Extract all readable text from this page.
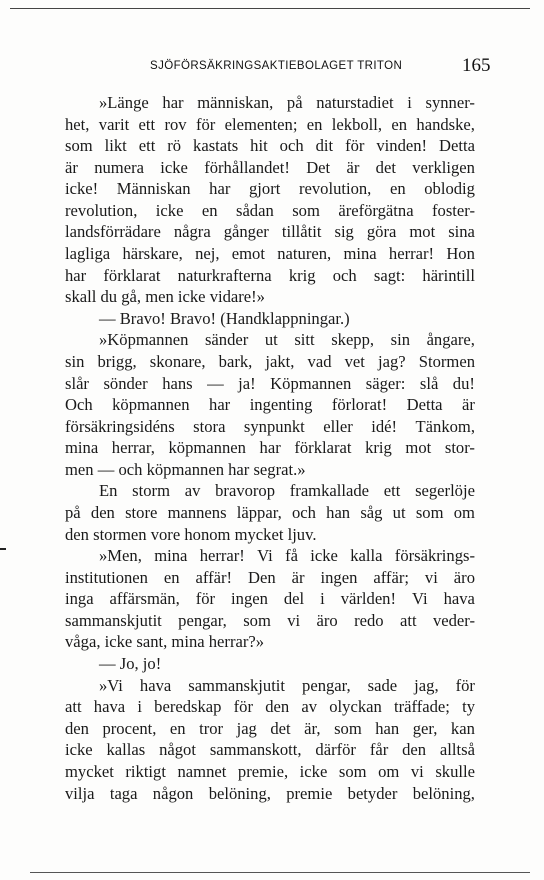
SJÖFÖRSÄKRINGSAKTIEBOLAGET TRITON	165
»Länge har människan, på naturstadiet i synner-
het, varit ett rov för elementen; en lekboll, en handske,
som likt ett rö kastats hit och dit för vinden! Detta
är numera icke förhållandet! Det är det verkligen
icke! Människan har gjort revolution, en oblodig
revolution, icke en sådan som äreförgätna foster-
landsförrädare några gånger tillåtit sig göra mot sina
lagliga härskare, nej, emot naturen, mina herrar! Hon
har förklarat naturkrafterna krig och sagt: härintill
skall du gå, men icke vidare!»
— Bravo! Bravo! (Handklappningar.)
»Köpmannen sänder ut sitt skepp, sin ångare,
sin brigg, skonare, bark, jakt, vad vet jag? Stormen
slår sönder hans — ja! Köpmannen säger: slå du!
Och köpmannen har ingenting förlorat! Detta är
försäkringsidéns stora synpunkt eller idé! Tänkom,
mina herrar, köpmannen har förklarat krig mot stor-
men — och köpmannen har segrat.»
En storm av bravorop framkallade ett segerlöje
på den store mannens läppar, och han såg ut som om
den stormen vore honom mycket ljuv.
»Men, mina herrar! Vi få icke kalla försäkrings-
institutionen en affär! Den är ingen affär; vi äro
inga affärsmän, för ingen del i världen! Vi hava
sammanskjutit pengar, som vi äro redo att veder-
våga, icke sant, mina herrar?»
— Jo, jo!
»Vi hava sammanskjutit pengar, sade jag, för
att hava i beredskap för den av olyckan träffade; ty
den procent, en tror jag det är, som han ger, kan
icke kallas något sammanskott, därför får den alltså
mycket riktigt namnet premie, icke som om vi skulle
vilja taga någon belöning, premie betyder belöning,
